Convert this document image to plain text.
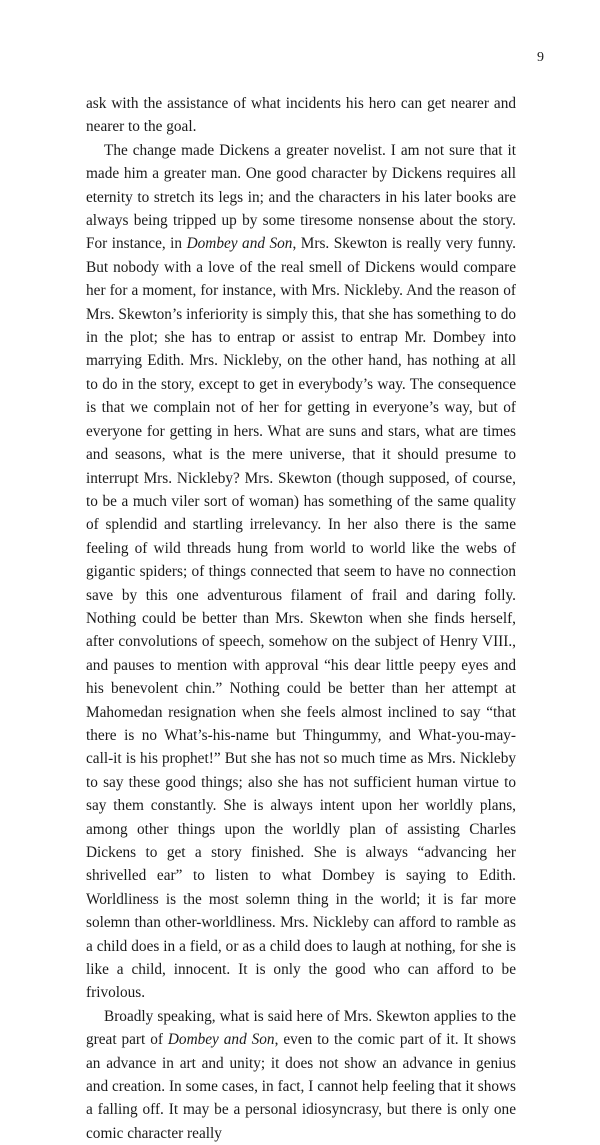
9

ask with the assistance of what incidents his hero can get nearer and nearer to the goal.

The change made Dickens a greater novelist. I am not sure that it made him a greater man. One good character by Dickens requires all eternity to stretch its legs in; and the characters in his later books are always being tripped up by some tiresome nonsense about the story. For instance, in Dombey and Son, Mrs. Skewton is really very funny. But nobody with a love of the real smell of Dickens would compare her for a moment, for instance, with Mrs. Nickleby. And the reason of Mrs. Skewton’s inferiority is simply this, that she has something to do in the plot; she has to entrap or assist to entrap Mr. Dombey into marrying Edith. Mrs. Nickleby, on the other hand, has nothing at all to do in the story, except to get in everybody’s way. The consequence is that we complain not of her for getting in everyone’s way, but of everyone for getting in hers. What are suns and stars, what are times and seasons, what is the mere universe, that it should presume to interrupt Mrs. Nickleby? Mrs. Skewton (though supposed, of course, to be a much viler sort of woman) has something of the same quality of splendid and startling irrelevancy. In her also there is the same feeling of wild threads hung from world to world like the webs of gigantic spiders; of things connected that seem to have no connection save by this one adventurous filament of frail and daring folly. Nothing could be better than Mrs. Skewton when she finds herself, after convolutions of speech, somehow on the subject of Henry VIII., and pauses to mention with approval “his dear little peepy eyes and his benevolent chin.” Nothing could be better than her attempt at Mahomedan resignation when she feels almost inclined to say “that there is no What’s-his-name but Thingummy, and What-you-may-call-it is his prophet!” But she has not so much time as Mrs. Nickleby to say these good things; also she has not sufficient human virtue to say them constantly. She is always intent upon her worldly plans, among other things upon the worldly plan of assisting Charles Dickens to get a story finished. She is always “advancing her shrivelled ear” to listen to what Dombey is saying to Edith. Worldliness is the most solemn thing in the world; it is far more solemn than other-worldliness. Mrs. Nickleby can afford to ramble as a child does in a field, or as a child does to laugh at nothing, for she is like a child, innocent. It is only the good who can afford to be frivolous.

Broadly speaking, what is said here of Mrs. Skewton applies to the great part of Dombey and Son, even to the comic part of it. It shows an advance in art and unity; it does not show an advance in genius and creation. In some cases, in fact, I cannot help feeling that it shows a falling off. It may be a personal idiosyncrasy, but there is only one comic character really
